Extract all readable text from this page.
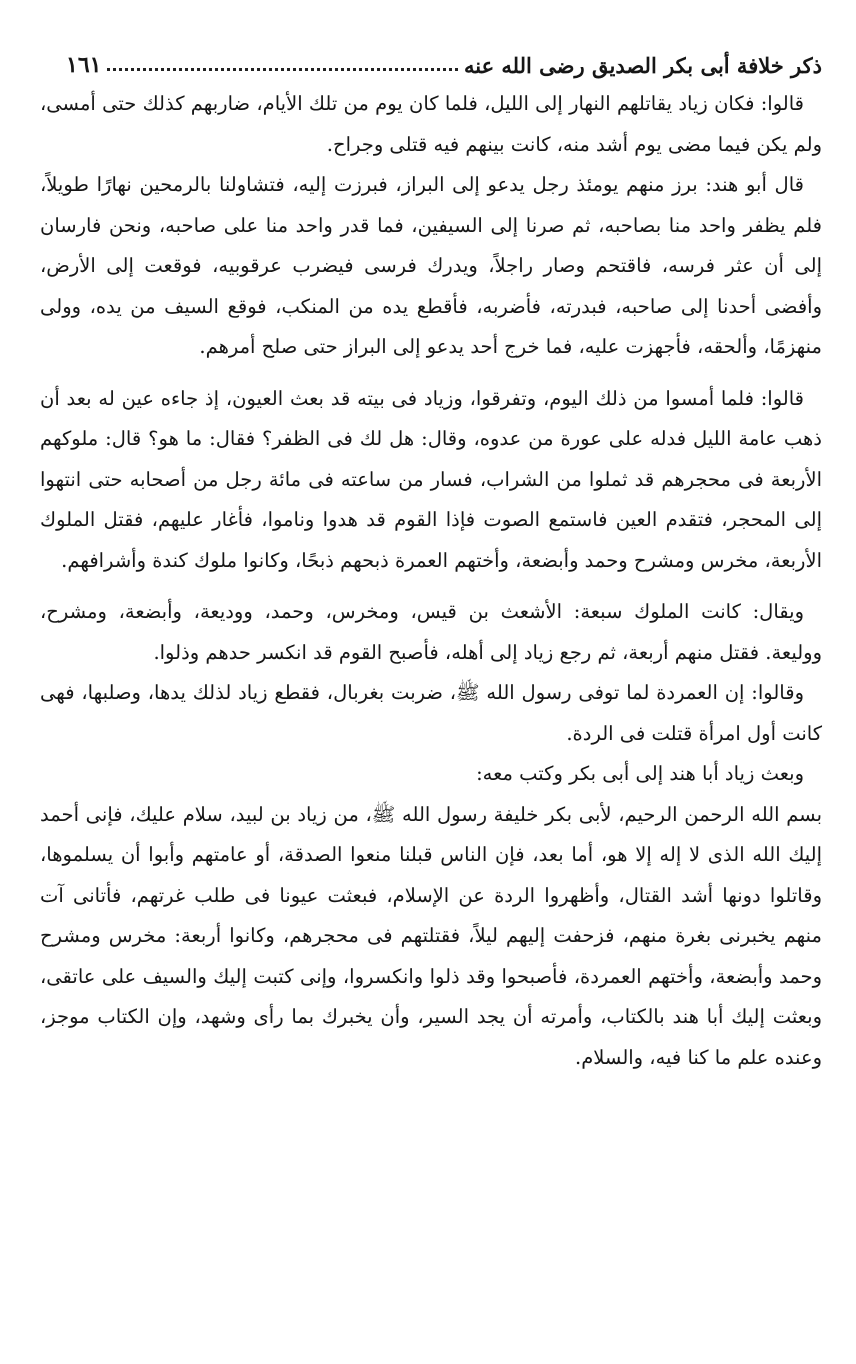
ذكر خلافة أبى بكر الصديق رضى الله عنه
١٦١

قالوا: فكان زياد يقاتلهم النهار إلى الليل، فلما كان يوم من تلك الأيام، ضاربهم كذلك حتى أمسى، ولم يكن فيما مضى يوم أشد منه، كانت بينهم فيه قتلى وجراح.

قال أبو هند: برز منهم يومئذ رجل يدعو إلى البراز، فبرزت إليه، فتشاولنا بالرمحين نهارًا طويلاً، فلم يظفر واحد منا بصاحبه، ثم صرنا إلى السيفين، فما قدر واحد منا على صاحبه، ونحن فارسان إلى أن عثر فرسه، فاقتحم وصار راجلاً، ويدرك فرسى فيضرب عرقوبيه، فوقعت إلى الأرض، وأفضى أحدنا إلى صاحبه، فبدرته، فأضربه، فأقطع يده من المنكب، فوقع السيف من يده، وولى منهزمًا، وألحقه، فأجهزت عليه، فما خرج أحد يدعو إلى البراز حتى صلح أمرهم.

قالوا: فلما أمسوا من ذلك اليوم، وتفرقوا، وزياد فى بيته قد بعث العيون، إذ جاءه عين له بعد أن ذهب عامة الليل فدله على عورة من عدوه، وقال: هل لك فى الظفر؟ فقال: ما هو؟ قال: ملوكهم الأربعة فى محجرهم قد ثملوا من الشراب، فسار من ساعته فى مائة رجل من أصحابه حتى انتهوا إلى المحجر، فتقدم العين فاستمع الصوت فإذا القوم قد هدوا وناموا، فأغار عليهم، فقتل الملوك الأربعة، مخرس ومشرح وحمد وأبضعة، وأختهم العمرة ذبحهم ذبحًا، وكانوا ملوك كندة وأشرافهم.

ويقال: كانت الملوك سبعة: الأشعث بن قيس، ومخرس، وحمد، ووديعة، وأبضعة، ومشرح، ووليعة. فقتل منهم أربعة، ثم رجع زياد إلى أهله، فأصبح القوم قد انكسر حدهم وذلوا.

وقالوا: إن العمردة لما توفى رسول الله ﷺ، ضربت بغربال، فقطع زياد لذلك يدها، وصلبها، فهى كانت أول امرأة قتلت فى الردة.

وبعث زياد أبا هند إلى أبى بكر وكتب معه:

بسم الله الرحمن الرحيم، لأبى بكر خليفة رسول الله ﷺ، من زياد بن لبيد، سلام عليك، فإنى أحمد إليك الله الذى لا إله إلا هو، أما بعد، فإن الناس قبلنا منعوا الصدقة، أو عامتهم وأبوا أن يسلموها، وقاتلوا دونها أشد القتال، وأظهروا الردة عن الإسلام، فبعثت عيونا فى طلب غرتهم، فأتانى آت منهم يخبرنى بغرة منهم، فزحفت إليهم ليلاً، فقتلتهم فى محجرهم، وكانوا أربعة: مخرس ومشرح وحمد وأبضعة، وأختهم العمردة، فأصبحوا وقد ذلوا وانكسروا، وإنى كتبت إليك والسيف على عاتقى، وبعثت إليك أبا هند بالكتاب، وأمرته أن يجد السير، وأن يخبرك بما رأى وشهد، وإن الكتاب موجز، وعنده علم ما كنا فيه، والسلام.
